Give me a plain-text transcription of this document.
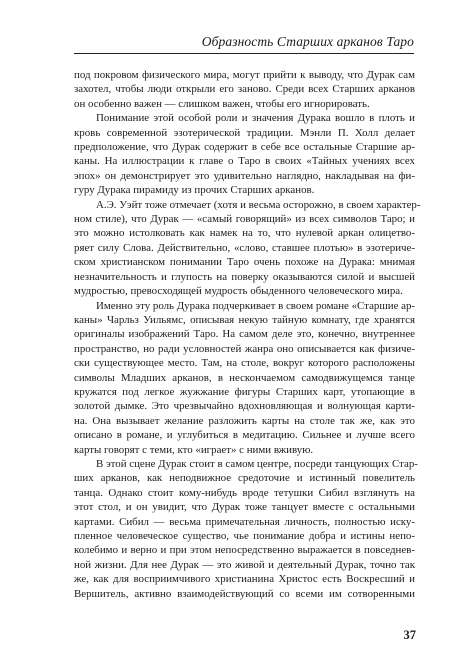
Образность Старших арканов Таро
под покровом физического мира, могут прийти к выводу, что Дурак сам
захотел, чтобы люди открыли его заново. Среди всех Старших арканов
он особенно важен — слишком важен, чтобы его игнорировать.
Понимание этой особой роли и значения Дурака вошло в плоть и
кровь современной эзотерической традиции. Мэнли П. Холл делает
предположение, что Дурак содержит в себе все остальные Старшие ар-
каны. На иллюстрации к главе о Таро в своих «Тайных учениях всех
эпох» он демонстрирует это удивительно наглядно, накладывая на фи-
гуру Дурака пирамиду из прочих Старших арканов.
А.Э. Уэйт тоже отмечает (хотя и весьма осторожно, в своем характер-
ном стиле), что Дурак — «самый говорящий» из всех символов Таро; и
это можно истолковать как намек на то, что нулевой аркан олицетво-
ряет силу Слова. Действительно, «слово, ставшее плотью» в эзотериче-
ском христианском понимании Таро очень похоже на Дурака: мнимая
незначительность и глупость на поверку оказываются силой и высшей
мудростью, превосходящей мудрость обыденного человеческого мира.
Именно эту роль Дурака подчеркивает в своем романе «Старшие ар-
каны» Чарльз Уильямс, описывая некую тайную комнату, где хранятся
оригиналы изображений Таро. На самом деле это, конечно, внутреннее
пространство, но ради условностей жанра оно описывается как физиче-
ски существующее место. Там, на столе, вокруг которого расположены
символы Младших арканов, в нескончаемом самодвижущемся танце
кружатся под легкое жужжание фигуры Старших карт, утопающие в
золотой дымке. Это чрезвычайно вдохновляющая и волнующая карти-
на. Она вызывает желание разложить карты на столе так же, как это
описано в романе, и углубиться в медитацию. Сильнее и лучше всего
карты говорят с теми, кто «играет» с ними вживую.
В этой сцене Дурак стоит в самом центре, посреди танцующих Стар-
ших арканов, как неподвижное средоточие и истинный повелитель
танца. Однако стоит кому-нибудь вроде тетушки Сибил взглянуть на
этот стол, и он увидит, что Дурак тоже танцует вместе с остальными
картами. Сибил — весьма примечательная личность, полностью иску-
пленное человеческое существо, чье понимание добра и истины непо-
колебимо и верно и при этом непосредственно выражается в повседнев-
ной жизни. Для нее Дурак — это живой и деятельный Дурак, точно так
же, как для восприимчивого христианина Христос есть Воскресший и
Вершитель, активно взаимодействующий со всеми им сотворенными
37
